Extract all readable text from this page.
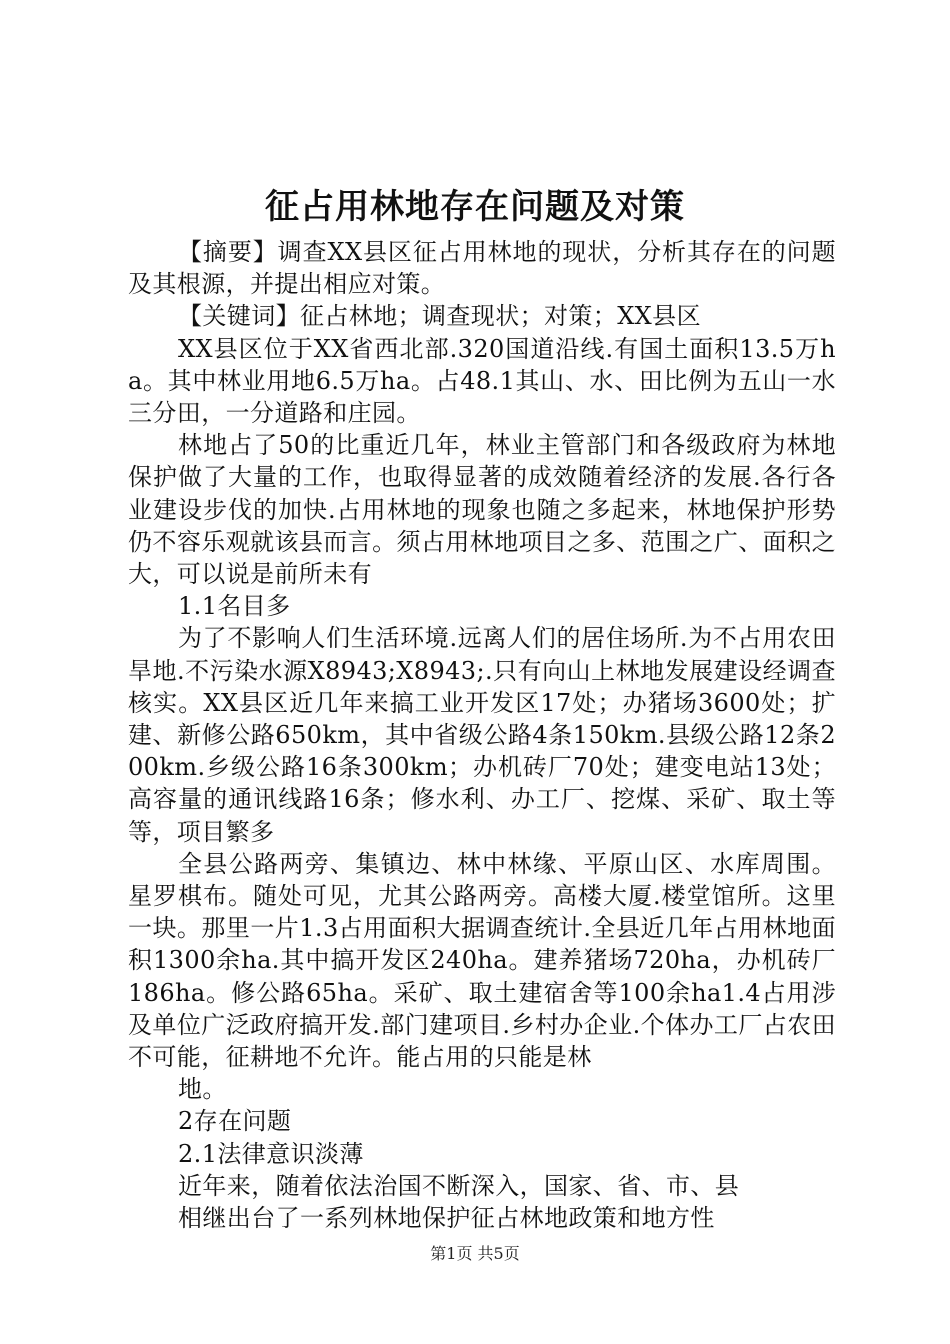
征占用林地存在问题及对策

【摘要】调查XX县区征占用林地的现状，分析其存在的问题及其根源，并提出相应对策。

【关键词】征占林地；调查现状；对策；XX县区

XX县区位于XX省西北部.320国道沿线.有国土面积13.5万ha。其中林业用地6.5万ha。占48.1其山、水、田比例为五山一水三分田，一分道路和庄园。

林地占了50的比重近几年，林业主管部门和各级政府为林地保护做了大量的工作，也取得显著的成效随着经济的发展.各行各业建设步伐的加快.占用林地的现象也随之多起来，林地保护形势仍不容乐观就该县而言。须占用林地项目之多、范围之广、面积之大，可以说是前所未有

1.1名目多

为了不影响人们生活环境.远离人们的居住场所.为不占用农田旱地.不污染水源X8943;X8943;.只有向山上林地发展建设经调查核实。XX县区近几年来搞工业开发区17处；办猪场3600处；扩建、新修公路650km，其中省级公路4条150km.县级公路12条200km.乡级公路16条300km；办机砖厂70处；建变电站13处；高容量的通讯线路16条；修水利、办工厂、挖煤、采矿、取土等等，项目繁多

全县公路两旁、集镇边、林中林缘、平原山区、水库周围。星罗棋布。随处可见，尤其公路两旁。高楼大厦.楼堂馆所。这里一块。那里一片1.3占用面积大据调查统计.全县近几年占用林地面积1300余ha.其中搞开发区240ha。建养猪场720ha，办机砖厂186ha。修公路65ha。采矿、取土建宿舍等100余ha1.4占用涉及单位广泛政府搞开发.部门建项目.乡村办企业.个体办工厂占农田不可能，征耕地不允许。能占用的只能是林

地。

2存在问题

2.1法律意识淡薄

近年来，随着依法治国不断深入，国家、省、市、县

相继出台了一系列林地保护征占林地政策和地方性

第1页 共5页
